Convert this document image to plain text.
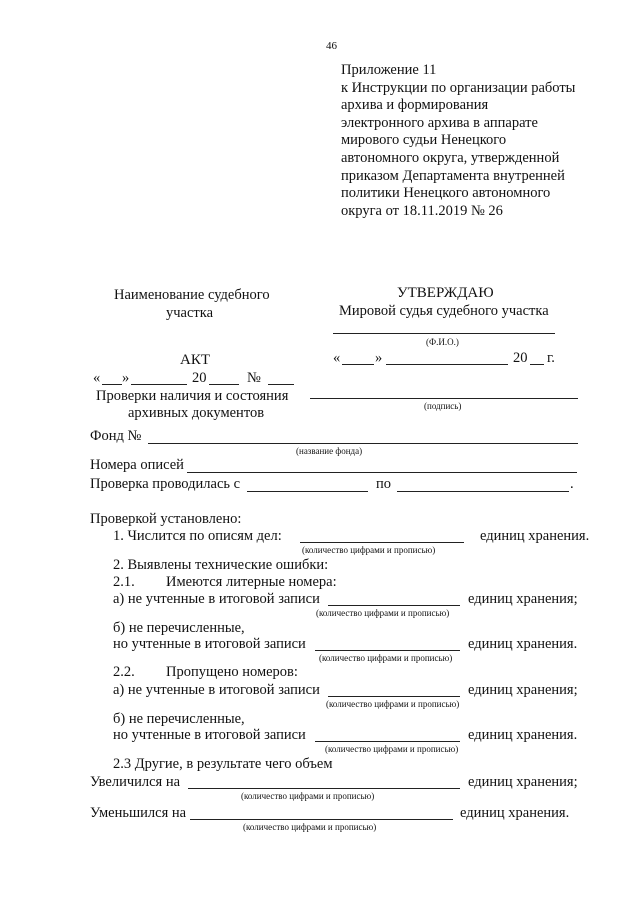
46
Приложение 11
к Инструкции по организации работы
архива и формирования
электронного архива в аппарате
мирового судьи Ненецкого
автономного округа, утвержденной
приказом Департамента внутренней
политики Ненецкого автономного
округа от 18.11.2019 № 26
Наименование судебного
участка
УТВЕРЖДАЮ
Мировой судья судебного участка
(Ф.И.О.)
« »	20 г.
(подпись)
АКТ
« »	20	№
Проверки наличия и состояния
архивных документов
Фонд №
(название фонда)
Номера описей
Проверка проводилась с	по	.
Проверкой установлено:
1. Числится по описям дел:	единиц хранения.
(количество цифрами и прописью)
2. Выявлены технические ошибки:
2.1. Имеются литерные номера:
а) не учтенные в итоговой записи	единиц хранения;
(количество цифрами и прописью)
б) не перечисленные,
но учтенные в итоговой записи	единиц хранения.
(количество цифрами и прописью)
2.2. Пропущено номеров:
а) не учтенные в итоговой записи	единиц хранения;
(количество цифрами и прописью)
б) не перечисленные,
но учтенные в итоговой записи	единиц хранения.
(количество цифрами и прописью)
2.3 Другие, в результате чего объем
Увеличился на	единиц хранения;
(количество цифрами и прописью)
Уменьшился на	единиц хранения.
(количество цифрами и прописью)
